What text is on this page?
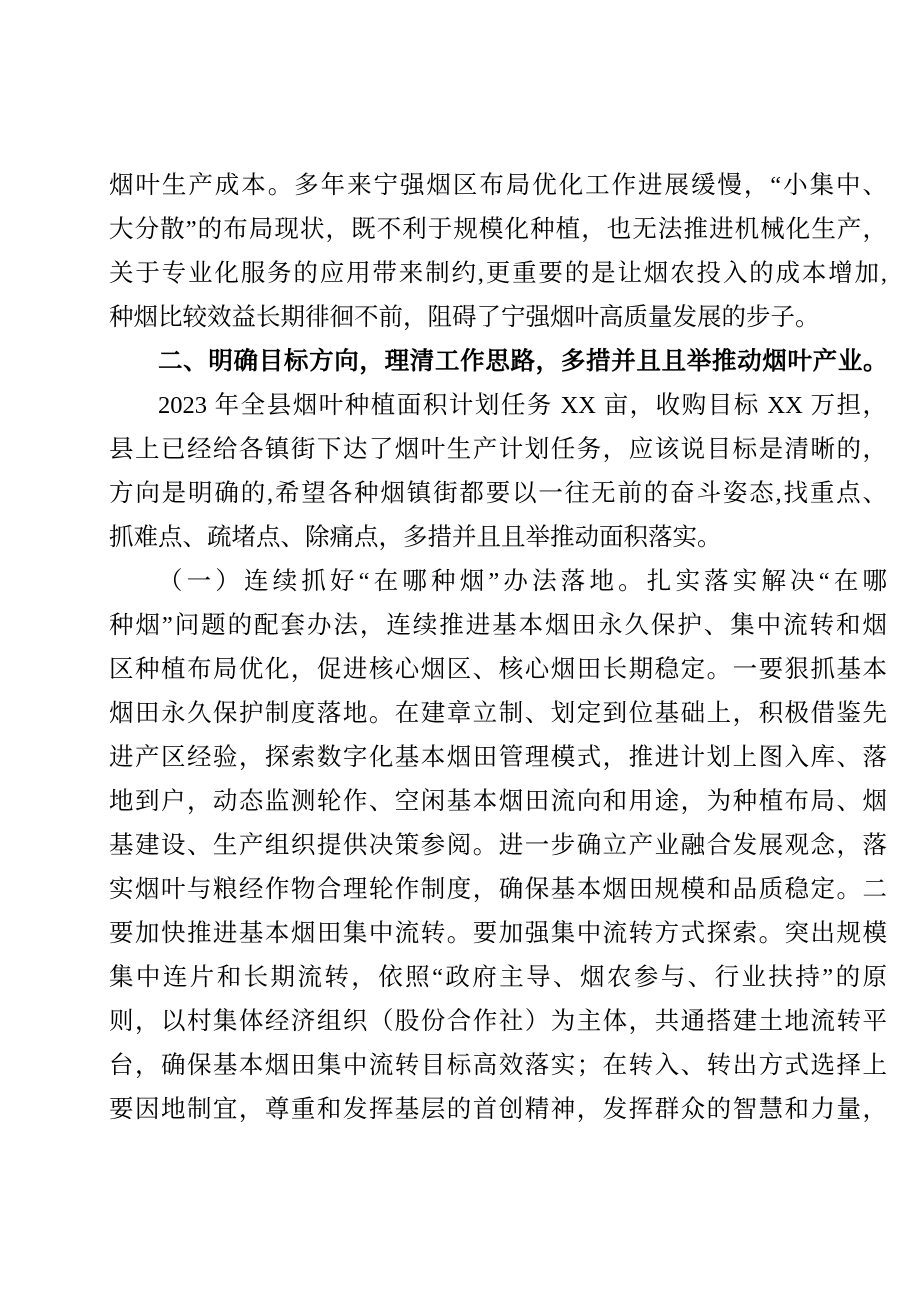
烟叶生产成本。多年来宁强烟区布局优化工作进展缓慢，“小集中、
大分散”的布局现状，既不利于规模化种植，也无法推进机械化生产，
关于专业化服务的应用带来制约,更重要的是让烟农投入的成本增加,
种烟比较效益长期徘徊不前，阻碍了宁强烟叶高质量发展的步子。
二、明确目标方向，理清工作思路，多措并且且举推动烟叶产业。
2023 年全县烟叶种植面积计划任务 XX 亩，收购目标 XX 万担，
县上已经给各镇街下达了烟叶生产计划任务，应该说目标是清晰的，
方向是明确的,希望各种烟镇街都要以一往无前的奋斗姿态,找重点、
抓难点、疏堵点、除痛点，多措并且且举推动面积落实。
（一）连续抓好“在哪种烟”办法落地。扎实落实解决“在哪
种烟”问题的配套办法，连续推进基本烟田永久保护、集中流转和烟
区种植布局优化，促进核心烟区、核心烟田长期稳定。一要狠抓基本
烟田永久保护制度落地。在建章立制、划定到位基础上，积极借鉴先
进产区经验，探索数字化基本烟田管理模式，推进计划上图入库、落
地到户，动态监测轮作、空闲基本烟田流向和用途，为种植布局、烟
基建设、生产组织提供决策参阅。进一步确立产业融合发展观念，落
实烟叶与粮经作物合理轮作制度，确保基本烟田规模和品质稳定。二
要加快推进基本烟田集中流转。要加强集中流转方式探索。突出规模
集中连片和长期流转，依照“政府主导、烟农参与、行业扶持”的原
则，以村集体经济组织（股份合作社）为主体，共通搭建土地流转平
台，确保基本烟田集中流转目标高效落实；在转入、转出方式选择上
要因地制宜，尊重和发挥基层的首创精神，发挥群众的智慧和力量，
